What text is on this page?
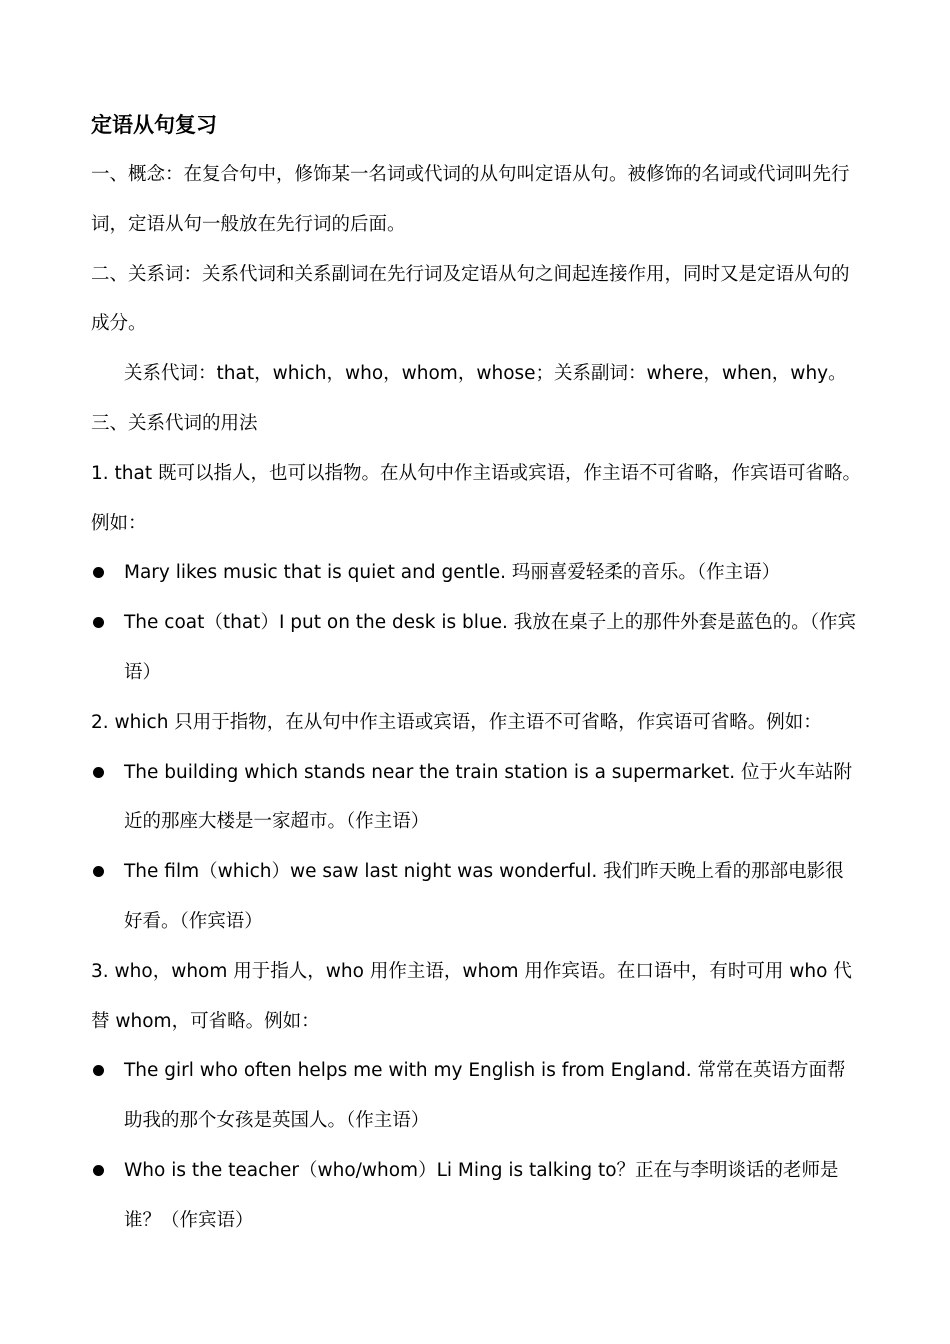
定语从句复习

一、概念：在复合句中，修饰某一名词或代词的从句叫定语从句。被修饰的名词或代词叫先行词，定语从句一般放在先行词的后面。

二、关系词：关系代词和关系副词在先行词及定语从句之间起连接作用，同时又是定语从句的成分。

关系代词：that，which，who，whom，whose；关系副词：where，when，why。

三、关系代词的用法

1. that 既可以指人，也可以指物。在从句中作主语或宾语，作主语不可省略，作宾语可省略。例如：

Mary likes music that is quiet and gentle. 玛丽喜爱轻柔的音乐。（作主语）
The coat（that）I put on the desk is blue. 我放在桌子上的那件外套是蓝色的。（作宾语）

2. which 只用于指物，在从句中作主语或宾语，作主语不可省略，作宾语可省略。例如：

The building which stands near the train station is a supermarket. 位于火车站附近的那座大楼是一家超市。（作主语）
The film（which）we saw last night was wonderful. 我们昨天晚上看的那部电影很好看。（作宾语）

3. who，whom 用于指人，who 用作主语，whom 用作宾语。在口语中，有时可用 who 代替 whom，可省略。例如：

The girl who often helps me with my English is from England. 常常在英语方面帮助我的那个女孩是英国人。（作主语）
Who is the teacher（who/whom）Li Ming is talking to？正在与李明谈话的老师是谁？（作宾语）
